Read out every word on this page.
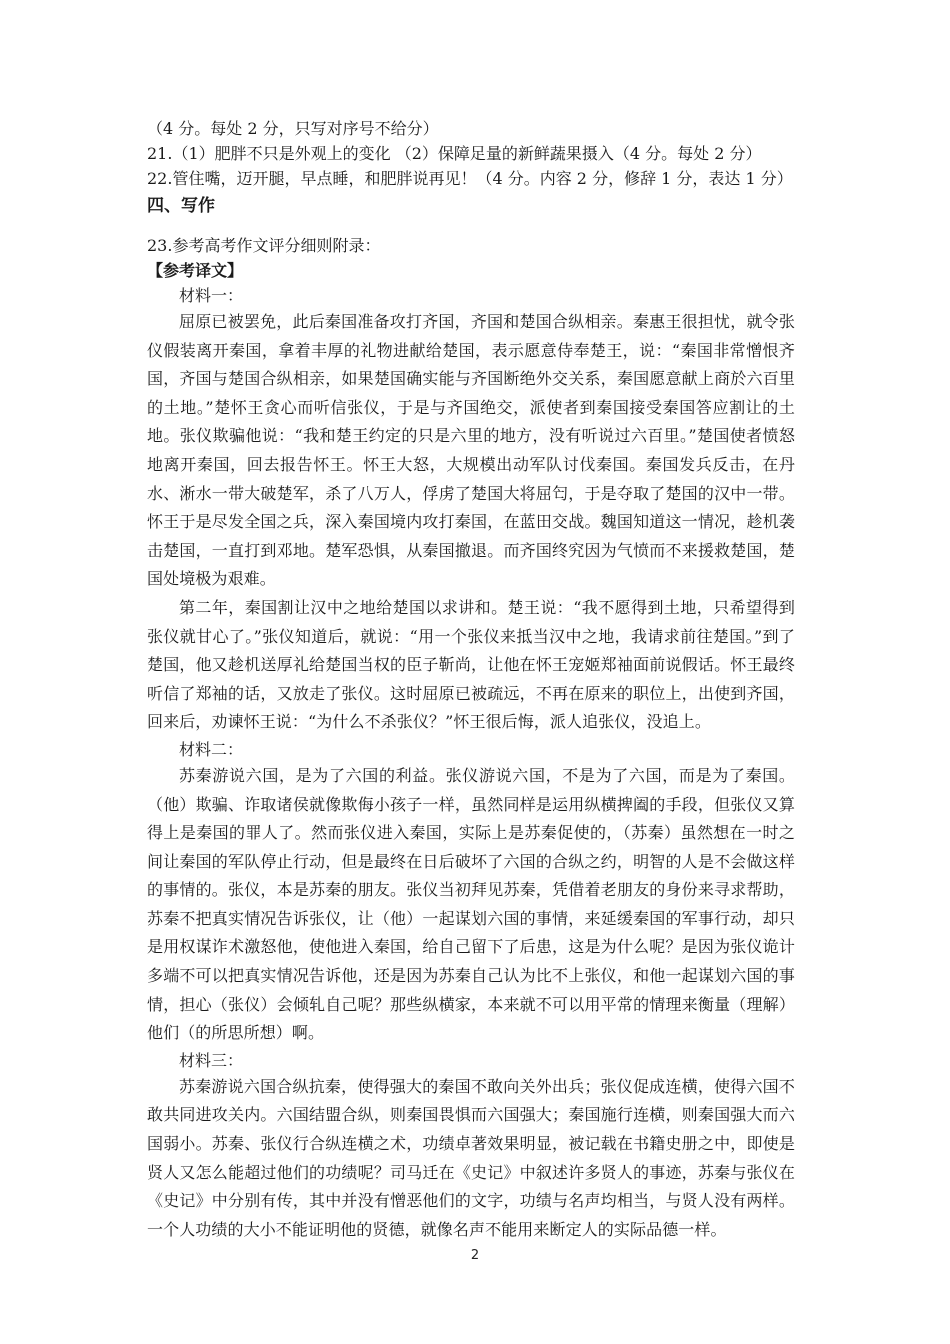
（4 分。每处 2 分，只写对序号不给分）
21.（1）肥胖不只是外观上的变化 （2）保障足量的新鲜蔬果摄入（4 分。每处 2 分）
22.管住嘴，迈开腿，早点睡，和肥胖说再见！（4 分。内容 2 分，修辞 1 分，表达 1 分）
四、写作
23.参考高考作文评分细则附录：
【参考译文】
材料一：

屈原已被罢免，此后秦国准备攻打齐国，齐国和楚国合纵相亲。秦惠王很担忧，就令张仪假装离开秦国，拿着丰厚的礼物进献给楚国，表示愿意侍奉楚王，说：“秦国非常憎恨齐国，齐国与楚国合纵相亲，如果楚国确实能与齐国断绝外交关系，秦国愿意献上商於六百里的土地。”楚怀王贪心而听信张仪，于是与齐国绝交，派使者到秦国接受秦国答应割让的土地。张仪欺骗他说：“我和楚王约定的只是六里的地方，没有听说过六百里。”楚国使者愤怒地离开秦国，回去报告怀王。怀王大怒，大规模出动军队讨伐秦国。秦国发兵反击，在丹水、淅水一带大破楚军，杀了八万人，俘虏了楚国大将屈匄，于是夺取了楚国的汉中一带。怀王于是尽发全国之兵，深入秦国境内攻打秦国，在蓝田交战。魏国知道这一情况，趁机袭击楚国，一直打到邓地。楚军恐惧，从秦国撤退。而齐国终究因为气愤而不来援救楚国，楚国处境极为艰难。

第二年，秦国割让汉中之地给楚国以求讲和。楚王说：“我不愿得到土地，只希望得到张仪就甘心了。”张仪知道后，就说：“用一个张仪来抵当汉中之地，我请求前往楚国。”到了楚国，他又趁机送厚礼给楚国当权的臣子靳尚，让他在怀王宠姬郑袖面前说假话。怀王最终听信了郑袖的话，又放走了张仪。这时屈原已被疏远，不再在原来的职位上，出使到齐国，回来后，劝谏怀王说：“为什么不杀张仪？”怀王很后悔，派人追张仪，没追上。

材料二：

苏秦游说六国，是为了六国的利益。张仪游说六国，不是为了六国，而是为了秦国。（他）欺骗、诈取诸侯就像欺侮小孩子一样，虽然同样是运用纵横捭阖的手段，但张仪又算得上是秦国的罪人了。然而张仪进入秦国，实际上是苏秦促使的，（苏秦）虽然想在一时之间让秦国的军队停止行动，但是最终在日后破坏了六国的合纵之约，明智的人是不会做这样的事情的。张仪，本是苏秦的朋友。张仪当初拜见苏秦，凭借着老朋友的身份来寻求帮助，苏秦不把真实情况告诉张仪，让（他）一起谋划六国的事情，来延缓秦国的军事行动，却只是用权谋诈术激怒他，使他进入秦国，给自己留下了后患，这是为什么呢？是因为张仪诡计多端不可以把真实情况告诉他，还是因为苏秦自己认为比不上张仪，和他一起谋划六国的事情，担心（张仪）会倾轧自己呢？那些纵横家，本来就不可以用平常的情理来衡量（理解）他们（的所思所想）啊。

材料三：

苏秦游说六国合纵抗秦，使得强大的秦国不敢向关外出兵；张仪促成连横，使得六国不敢共同进攻关内。六国结盟合纵，则秦国畏惧而六国强大；秦国施行连横，则秦国强大而六国弱小。苏秦、张仪行合纵连横之术，功绩卓著效果明显，被记载在书籍史册之中，即使是贤人又怎么能超过他们的功绩呢？司马迁在《史记》中叙述许多贤人的事迹，苏秦与张仪在《史记》中分别有传，其中并没有憎恶他们的文字，功绩与名声均相当，与贤人没有两样。一个人功绩的大小不能证明他的贤德，就像名声不能用来断定人的实际品德一样。

2
